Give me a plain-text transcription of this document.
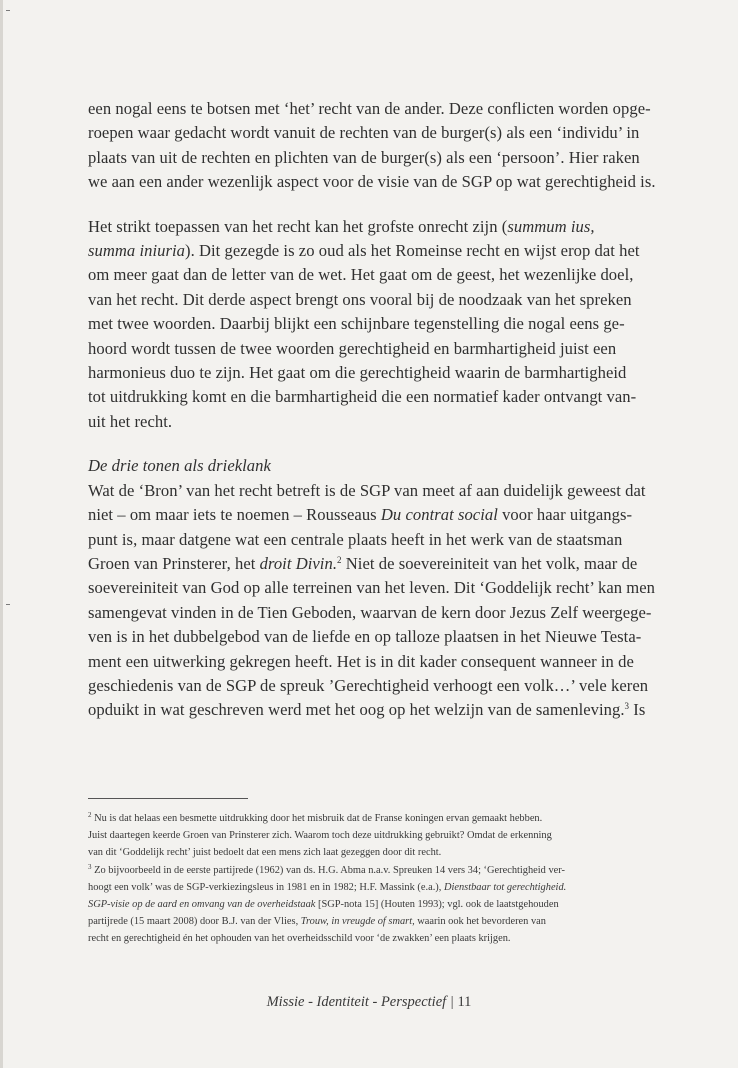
een nogal eens te botsen met ‘het’ recht van de ander. Deze conflicten worden opge-
roepen waar gedacht wordt vanuit de rechten van de burger(s) als een ‘individu’ in
plaats van uit de rechten en plichten van de burger(s) als een ‘persoon’. Hier raken
we aan een ander wezenlijk aspect voor de visie van de SGP op wat gerechtigheid is.
Het strikt toepassen van het recht kan het grofste onrecht zijn (summum ius,
summa iniuria). Dit gezegde is zo oud als het Romeinse recht en wijst erop dat het
om meer gaat dan de letter van de wet. Het gaat om de geest, het wezenlijke doel,
van het recht. Dit derde aspect brengt ons vooral bij de noodzaak van het spreken
met twee woorden. Daarbij blijkt een schijnbare tegenstelling die nogal eens ge-
hoord wordt tussen de twee woorden gerechtigheid en barmhartigheid juist een
harmonieus duo te zijn. Het gaat om die gerechtigheid waarin de barmhartigheid
tot uitdrukking komt en die barmhartigheid die een normatief kader ontvangt van-
uit het recht.
De drie tonen als drieklank
Wat de ‘Bron’ van het recht betreft is de SGP van meet af aan duidelijk geweest dat
niet – om maar iets te noemen – Rousseaus Du contrat social voor haar uitgangs-
punt is, maar datgene wat een centrale plaats heeft in het werk van de staatsman
Groen van Prinsterer, het droit Divin.$^2$ Niet de soevereiniteit van het volk, maar de
soevereiniteit van God op alle terreinen van het leven. Dit ‘Goddelijk recht’ kan men
samengevat vinden in de Tien Geboden, waarvan de kern door Jezus Zelf weergege-
ven is in het dubbelgebod van de liefde en op talloze plaatsen in het Nieuwe Testa-
ment een uitwerking gekregen heeft. Het is in dit kader consequent wanneer in de
geschiedenis van de SGP de spreuk ’Gerechtigheid verhoogt een volk…’ vele keren
opduikt in wat geschreven werd met het oog op het welzijn van de samenleving.$^3$ Is
$^2$ Nu is dat helaas een besmette uitdrukking door het misbruik dat de Franse koningen ervan gemaakt hebben.
Juist daartegen keerde Groen van Prinsterer zich. Waarom toch deze uitdrukking gebruikt? Omdat de erkenning
van dit ‘Goddelijk recht’ juist bedoelt dat een mens zich laat gezeggen door dit recht.
$^3$ Zo bijvoorbeeld in de eerste partijrede (1962) van ds. H.G. Abma n.a.v. Spreuken 14 vers 34; ‘Gerechtigheid ver-
hoogt een volk’ was de SGP-verkiezingsleus in 1981 en in 1982; H.F. Massink (e.a.), Dienstbaar tot gerechtigheid.
SGP-visie op de aard en omvang van de overheidstaak [SGP-nota 15] (Houten 1993); vgl. ook de laatstgehouden
partijrede (15 maart 2008) door B.J. van der Vlies, Trouw, in vreugde of smart, waarin ook het bevorderen van
recht en gerechtigheid én het ophouden van het overheidsschild voor ‘de zwakken’ een plaats krijgen.
Missie - Identiteit - Perspectief | 11
